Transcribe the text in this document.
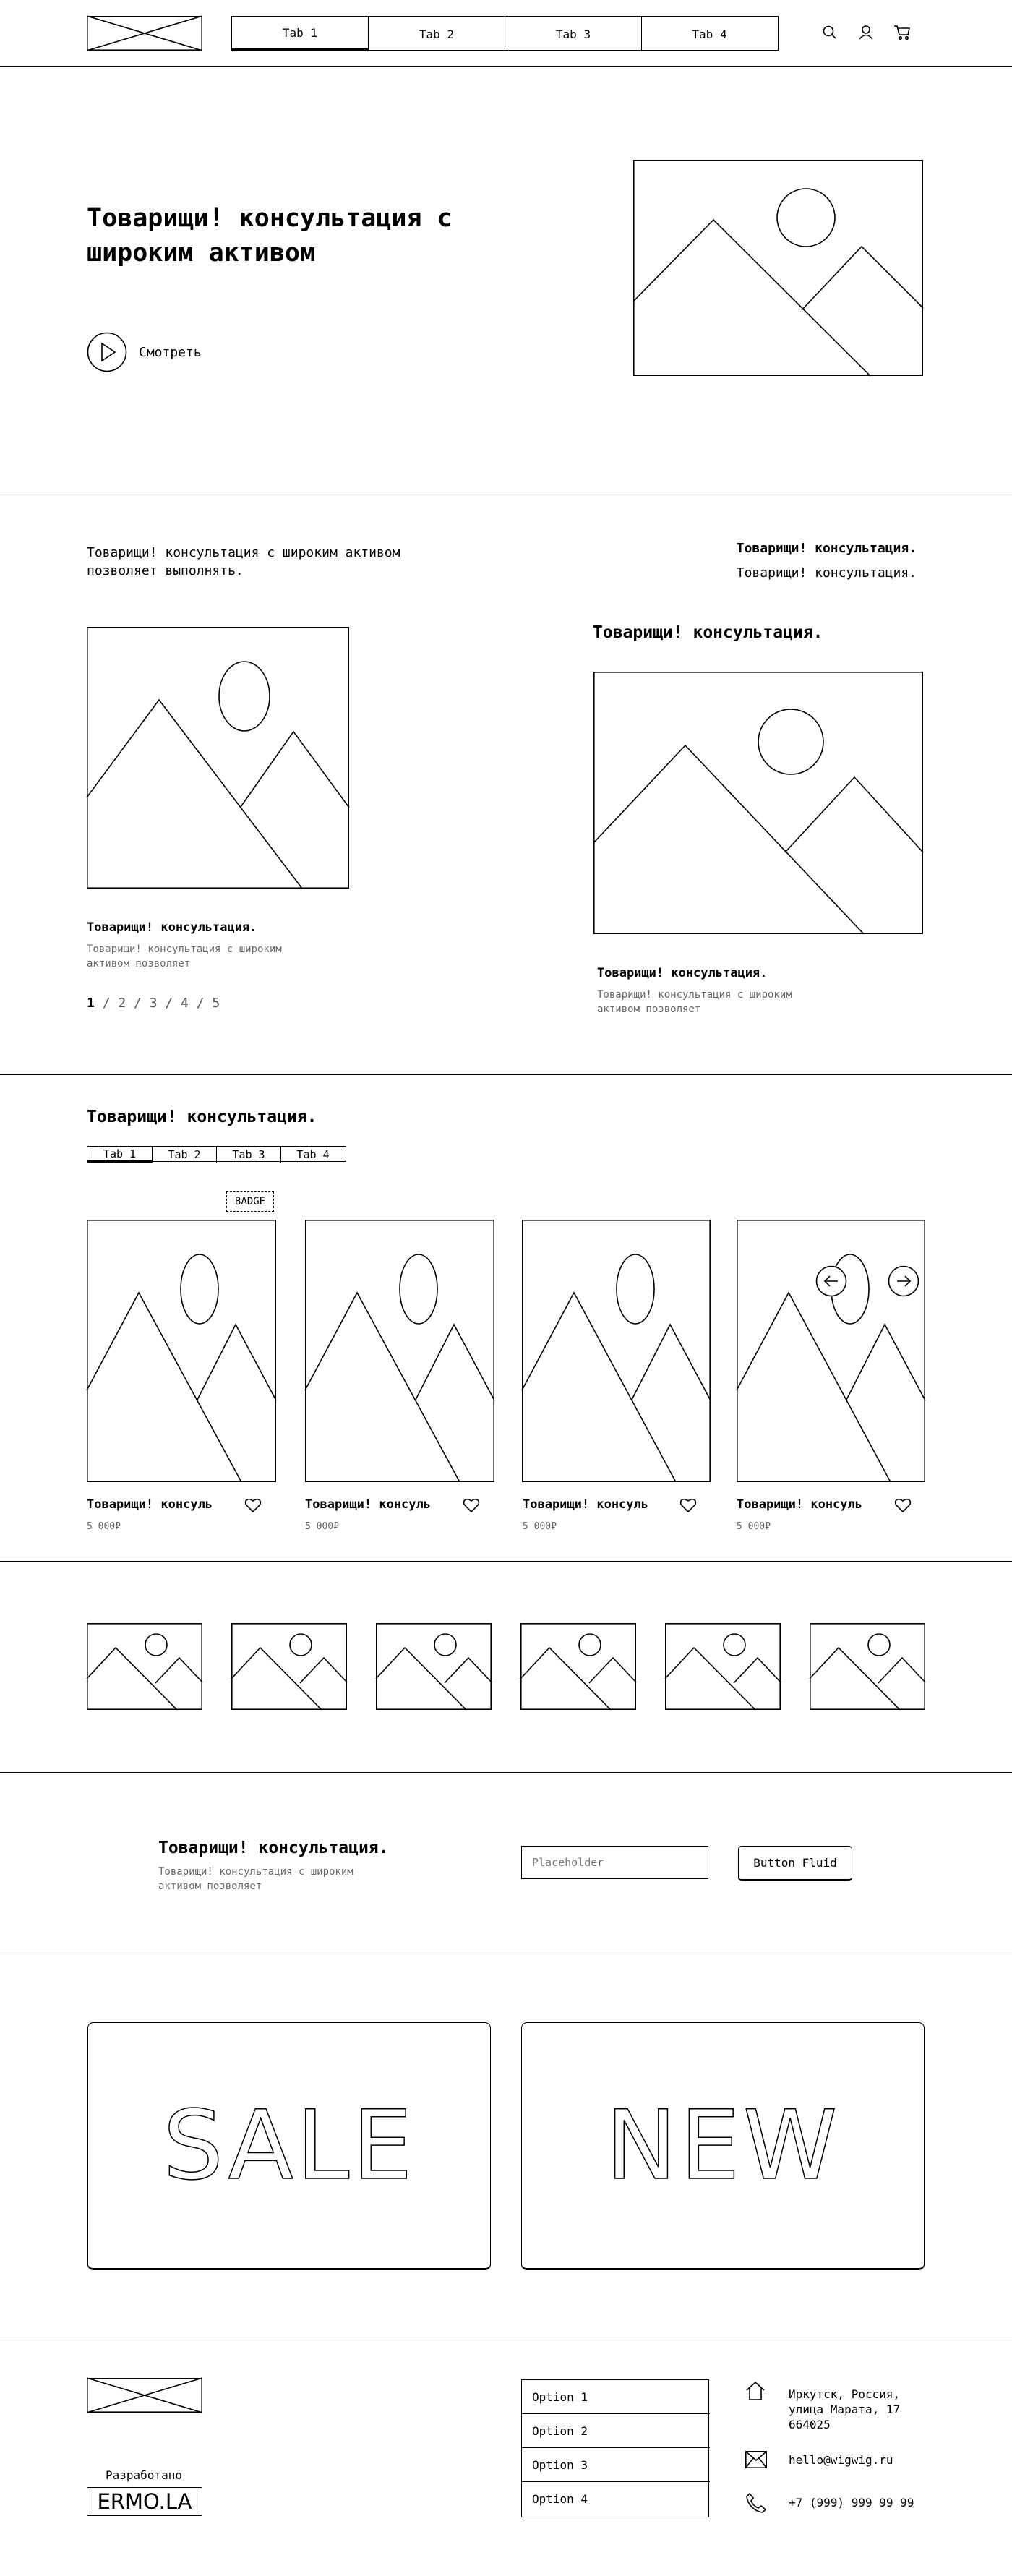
Tab 1	Tab 2	Tab 3	Tab 4
Товарищи! консультация с
широким активом
Смотреть
Товарищи! консультация с широким активом
позволяет выполнять.
Товарищи! консультация.
Товарищи! консультация.
Товарищи! консультация.
Товарищи! консультация с широким
активом позволяет
1 / 2 / 3 / 4 / 5
Товарищи! консультация.
Товарищи! консультация.
Товарищи! консультация с широким
активом позволяет
Товарищи! консультация.
Tab 1	Tab 2	Tab 3	Tab 4
BADGE
Товарищи! консуль
5 000₽
Товарищи! консуль
5 000₽
Товарищи! консуль
5 000₽
Товарищи! консуль
5 000₽
Товарищи! консультация.
Товарищи! консультация с широким
активом позволяет
Placeholder
Button Fluid
SALE NEW
Разработано
ERMO.LA
Option 1
Option 2
Option 3
Option 4
Иркутск, Россия,
улица Марата, 17
664025
hello@wigwig.ru
+7 (999) 999 99 99
